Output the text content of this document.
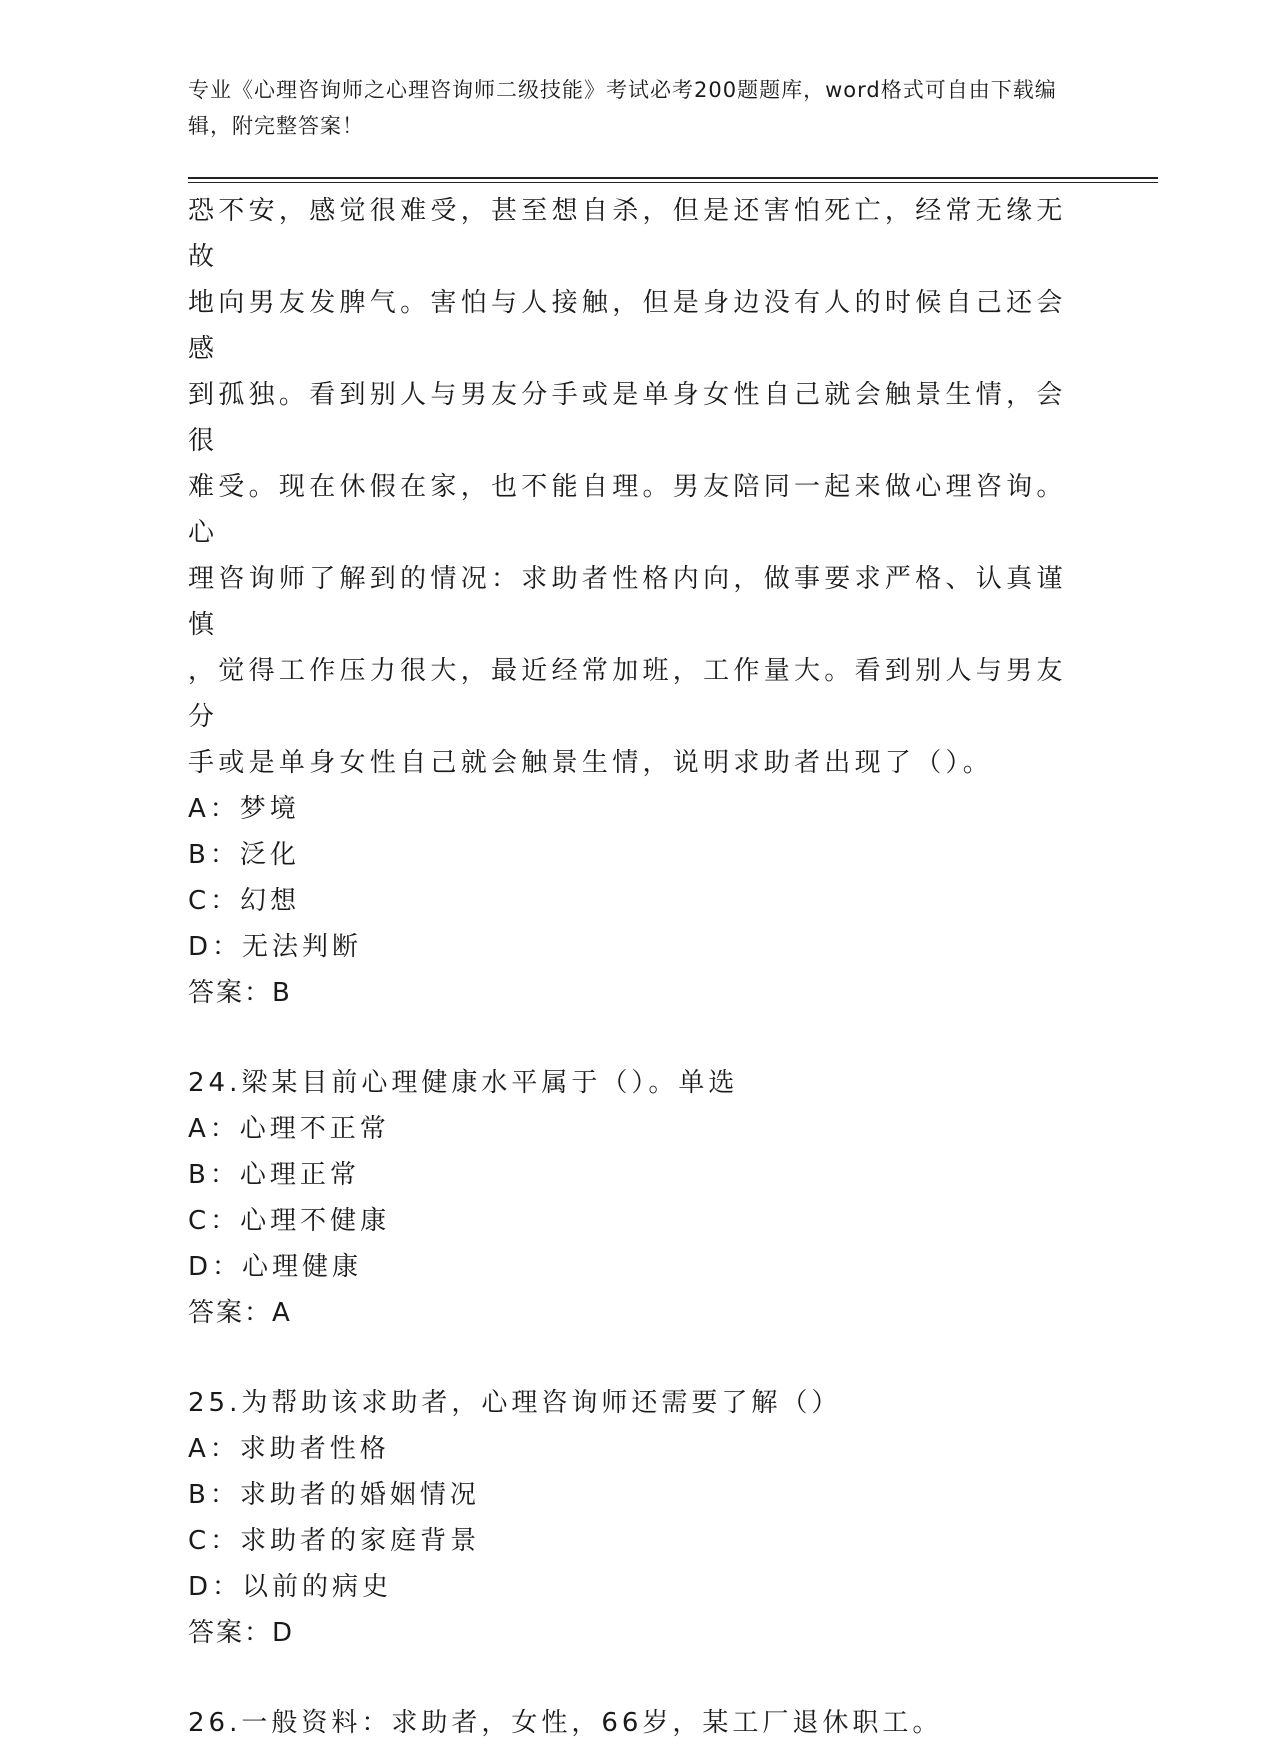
专业《心理咨询师之心理咨询师二级技能》考试必考200题题库，word格式可自由下载编辑，附完整答案！

恐不安，感觉很难受，甚至想自杀，但是还害怕死亡，经常无缘无故

地向男友发脾气。害怕与人接触，但是身边没有人的时候自己还会感

到孤独。看到别人与男友分手或是单身女性自己就会触景生情，会很

难受。现在休假在家，也不能自理。男友陪同一起来做心理咨询。心

理咨询师了解到的情况：求助者性格内向，做事要求严格、认真谨慎

，觉得工作压力很大，最近经常加班，工作量大。看到别人与男友分

手或是单身女性自己就会触景生情，说明求助者出现了（）。

A：梦境

B：泛化

C：幻想

D：无法判断

答案：B

24.梁某目前心理健康水平属于（）。单选

A：心理不正常

B：心理正常

C：心理不健康

D：心理健康

答案：A

25.为帮助该求助者，心理咨询师还需要了解（）

A：求助者性格

B：求助者的婚姻情况

C：求助者的家庭背景

D：以前的病史

答案：D

26.一般资料：求助者，女性，66岁，某工厂退休职工。
